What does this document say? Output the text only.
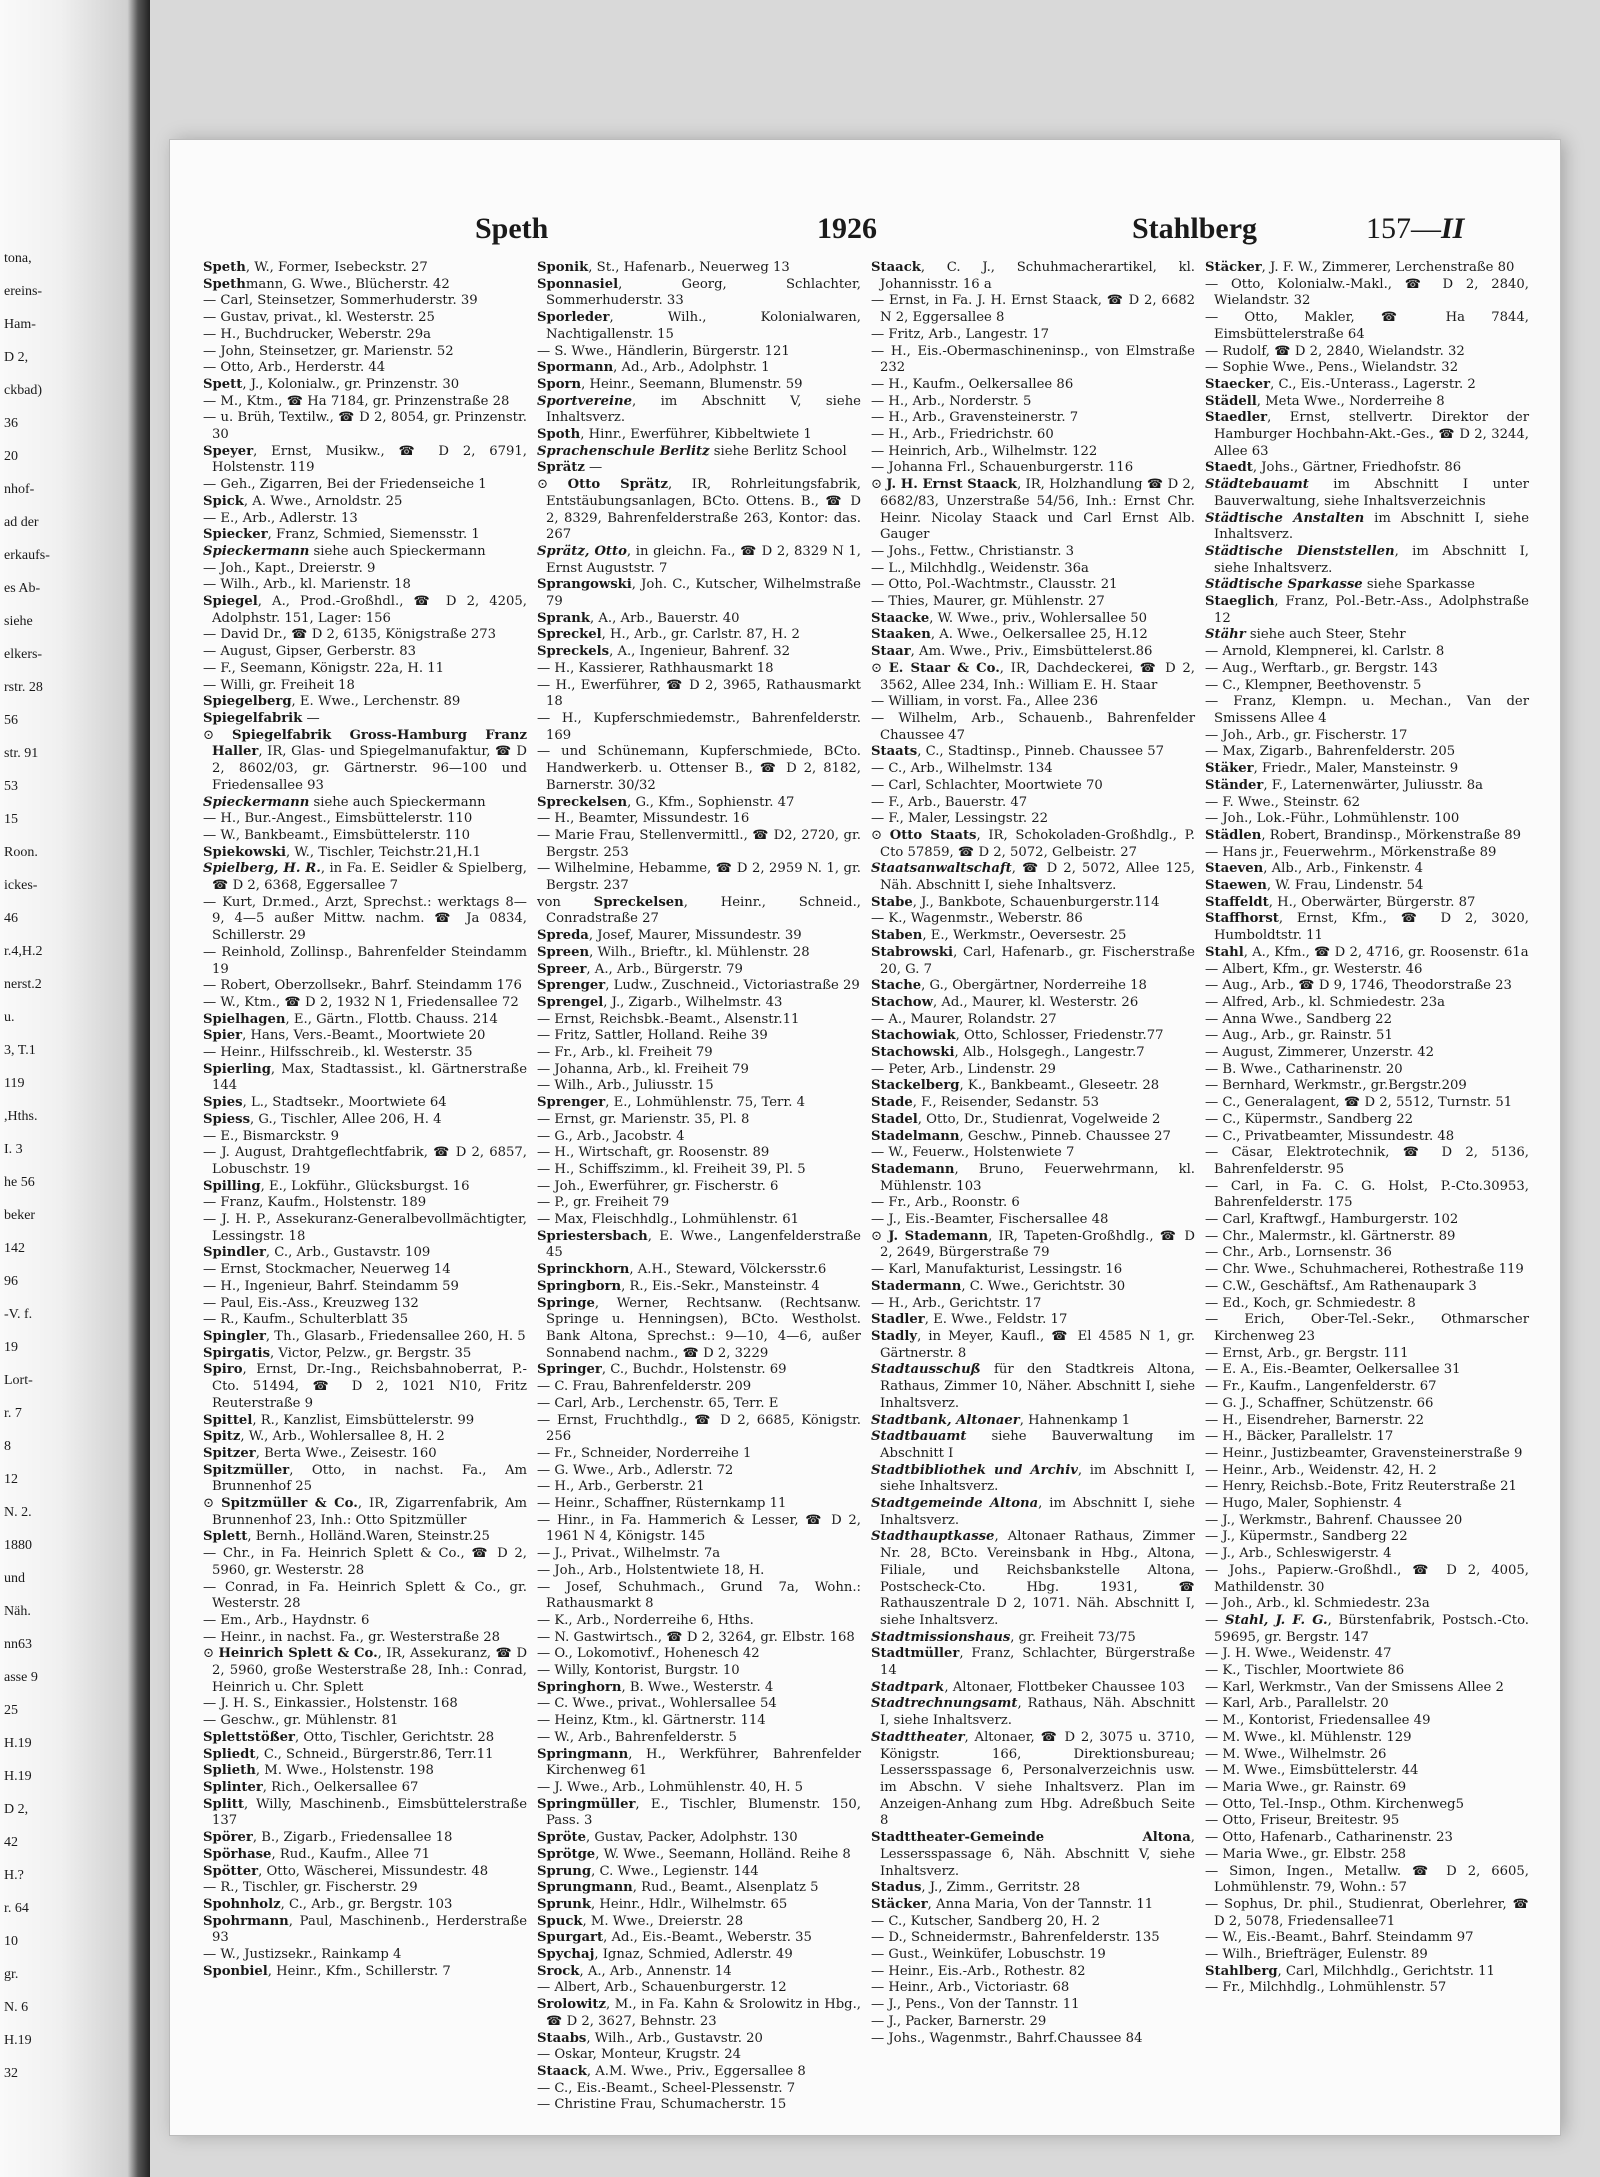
tona,
ereins-
Ham-
D 2,
ckbad)
36
20
nhof-
ad der
erkaufs-
es Ab-
siehe
elkers-
rstr. 28
56
str. 91
53
15
Roon.
ickes-
46
r.4,H.2
nerst.2
u.
3, T.1
119
,Hths.
I. 3
he 56
beker
142
96
-V. f.
19
Lort-
r. 7
8
12
N. 2.
1880
und
Näh.
nn63
asse 9
25
H.19
H.19
D 2,
42
H.?
r. 64
10
gr.
N. 6
H.19
32
Speth	1926	Stahlberg	157—II

Speth, W., Former, Isebeckstr. 27

Spethmann, G. Wwe., Blücherstr. 42

— Carl, Steinsetzer, Sommerhuderstr. 39

— Gustav, privat., kl. Westerstr. 25

— H., Buchdrucker, Weberstr. 29a

— John, Steinsetzer, gr. Marienstr. 52

— Otto, Arb., Herderstr. 44

Spett, J., Kolonialw., gr. Prinzenstr. 30

— M., Ktm., ☎ Ha 7184, gr. Prinzenstraße 28

— u. Brüh, Textilw., ☎ D 2, 8054, gr. Prinzenstr. 30

Speyer, Ernst, Musikw., ☎ D 2, 6791, Holstenstr. 119

— Geh., Zigarren, Bei der Friedenseiche 1

Spick, A. Wwe., Arnoldstr. 25

— E., Arb., Adlerstr. 13

Spiecker, Franz, Schmied, Siemensstr. 1

Spieckermann siehe auch Spieckermann

— Joh., Kapt., Dreierstr. 9

— Wilh., Arb., kl. Marienstr. 18

Spiegel, A., Prod.-Großhdl., ☎ D 2, 4205, Adolphstr. 151, Lager: 156

— David Dr., ☎ D 2, 6135, Königstraße 273

— August, Gipser, Gerberstr. 83

— F., Seemann, Königstr. 22a, H. 11

— Willi, gr. Freiheit 18

Spiegelberg, E. Wwe., Lerchenstr. 89

Spiegelfabrik —

⊙ Spiegelfabrik Gross-Hamburg Franz Haller, IR, Glas- und Spiegelmanufaktur, ☎ D 2, 8602/03, gr. Gärtnerstr. 96—100 und Friedensallee 93

Spieckermann siehe auch Spieckermann

— H., Bur.-Angest., Eimsbüttelerstr. 110

— W., Bankbeamt., Eimsbüttelerstr. 110

Spiekowski, W., Tischler, Teichstr.21,H.1

Spielberg, H. R., in Fa. E. Seidler & Spielberg, ☎ D 2, 6368, Eggersallee 7

— Kurt, Dr.med., Arzt, Sprechst.: werktags 8—9, 4—5 außer Mittw. nachm. ☎ Ja 0834, Schillerstr. 29

— Reinhold, Zollinsp., Bahrenfelder Steindamm 19

— Robert, Oberzollsekr., Bahrf. Steindamm 176

— W., Ktm., ☎ D 2, 1932 N 1, Friedensallee 72

Spielhagen, E., Gärtn., Flottb. Chauss. 214

Spier, Hans, Vers.-Beamt., Moortwiete 20

— Heinr., Hilfsschreib., kl. Westerstr. 35

Spierling, Max, Stadtassist., kl. Gärtnerstraße 144

Spies, L., Stadtsekr., Moortwiete 64

Spiess, G., Tischler, Allee 206, H. 4

— E., Bismarckstr. 9

— J. August, Drahtgeflechtfabrik, ☎ D 2, 6857, Lobuschstr. 19

Spilling, E., Lokführ., Glücksburgst. 16

— Franz, Kaufm., Holstenstr. 189

— J. H. P., Assekuranz-Generalbevollmächtigter, Lessingstr. 18

Spindler, C., Arb., Gustavstr. 109

— Ernst, Stockmacher, Neuerweg 14

— H., Ingenieur, Bahrf. Steindamm 59

— Paul, Eis.-Ass., Kreuzweg 132

— R., Kaufm., Schulterblatt 35

Spingler, Th., Glasarb., Friedensallee 260, H. 5

Spirgatis, Victor, Pelzw., gr. Bergstr. 35

Spiro, Ernst, Dr.-Ing., Reichsbahnoberrat, P.-Cto. 51494, ☎ D 2, 1021 N10, Fritz Reuterstraße 9

Spittel, R., Kanzlist, Eimsbüttelerstr. 99

Spitz, W., Arb., Wohlersallee 8, H. 2

Spitzer, Berta Wwe., Zeisestr. 160

Spitzmüller, Otto, in nachst. Fa., Am Brunnenhof 25

⊙ Spitzmüller & Co., IR, Zigarrenfabrik, Am Brunnenhof 23, Inh.: Otto Spitzmüller

Splett, Bernh., Holländ.Waren, Steinstr.25

— Chr., in Fa. Heinrich Splett & Co., ☎ D 2, 5960, gr. Westerstr. 28

— Conrad, in Fa. Heinrich Splett & Co., gr. Westerstr. 28

— Em., Arb., Haydnstr. 6

— Heinr., in nachst. Fa., gr. Westerstraße 28

⊙ Heinrich Splett & Co., IR, Assekuranz, ☎ D 2, 5960, große Westerstraße 28, Inh.: Conrad, Heinrich u. Chr. Splett

— J. H. S., Einkassier., Holstenstr. 168

— Geschw., gr. Mühlenstr. 81

Splettstößer, Otto, Tischler, Gerichtstr. 28

Spliedt, C., Schneid., Bürgerstr.86, Terr.11

Splieth, M. Wwe., Holstenstr. 198

Splinter, Rich., Oelkersallee 67

Splitt, Willy, Maschinenb., Eimsbüttelerstraße 137

Spörer, B., Zigarb., Friedensallee 18

Spörhase, Rud., Kaufm., Allee 71

Spötter, Otto, Wäscherei, Missundestr. 48

— R., Tischler, gr. Fischerstr. 29

Spohnholz, C., Arb., gr. Bergstr. 103

Spohrmann, Paul, Maschinenb., Herderstraße 93

— W., Justizsekr., Rainkamp 4

Sponbiel, Heinr., Kfm., Schillerstr. 7

Sponik, St., Hafenarb., Neuerweg 13

Sponnasiel, Georg, Schlachter, Sommerhuderstr. 33

Sporleder, Wilh., Kolonialwaren, Nachtigallenstr. 15

— S. Wwe., Händlerin, Bürgerstr. 121

Spormann, Ad., Arb., Adolphstr. 1

Sporn, Heinr., Seemann, Blumenstr. 59

Sportvereine, im Abschnitt V, siehe Inhaltsverz.

Spoth, Hinr., Ewerführer, Kibbeltwiete 1

Sprachenschule Berlitz siehe Berlitz School

Sprätz —

⊙ Otto Sprätz, IR, Rohrleitungsfabrik, Entstäubungsanlagen, BCto. Ottens. B., ☎ D 2, 8329, Bahrenfelderstraße 263, Kontor: das. 267

Sprätz, Otto, in gleichn. Fa., ☎ D 2, 8329 N 1, Ernst Auguststr. 7

Sprangowski, Joh. C., Kutscher, Wilhelmstraße 79

Sprank, A., Arb., Bauerstr. 40

Spreckel, H., Arb., gr. Carlstr. 87, H. 2

Spreckels, A., Ingenieur, Bahrenf. 32

— H., Kassierer, Rathhausmarkt 18

— H., Ewerführer, ☎ D 2, 3965, Rathausmarkt 18

— H., Kupferschmiedemstr., Bahrenfelderstr. 169

— und Schünemann, Kupferschmiede, BCto. Handwerkerb. u. Ottenser B., ☎ D 2, 8182, Barnerstr. 30/32

Spreckelsen, G., Kfm., Sophienstr. 47

— H., Beamter, Missundestr. 16

— Marie Frau, Stellenvermittl., ☎ D2, 2720, gr. Bergstr. 253

— Wilhelmine, Hebamme, ☎ D 2, 2959 N. 1, gr. Bergstr. 237

von Spreckelsen, Heinr., Schneid., Conradstraße 27

Spreda, Josef, Maurer, Missundestr. 39

Spreen, Wilh., Brieftr., kl. Mühlenstr. 28

Spreer, A., Arb., Bürgerstr. 79

Sprenger, Ludw., Zuschneid., Victoriastraße 29

Sprengel, J., Zigarb., Wilhelmstr. 43

— Ernst, Reichsbk.-Beamt., Alsenstr.11

— Fritz, Sattler, Holland. Reihe 39

— Fr., Arb., kl. Freiheit 79

— Johanna, Arb., kl. Freiheit 79

— Wilh., Arb., Juliusstr. 15

Sprenger, E., Lohmühlenstr. 75, Terr. 4

— Ernst, gr. Marienstr. 35, Pl. 8

— G., Arb., Jacobstr. 4

— H., Wirtschaft, gr. Roosenstr. 89

— H., Schiffszimm., kl. Freiheit 39, Pl. 5

— Joh., Ewerführer, gr. Fischerstr. 6

— P., gr. Freiheit 79

— Max, Fleischhdlg., Lohmühlenstr. 61

Spriestersbach, E. Wwe., Langenfelderstraße 45

Sprinckhorn, A.H., Steward, Völckersstr.6

Springborn, R., Eis.-Sekr., Mansteinstr. 4

Springe, Werner, Rechtsanw. (Rechtsanw. Springe u. Henningsen), BCto. Westholst. Bank Altona, Sprechst.: 9—10, 4—6, außer Sonnabend nachm., ☎ D 2, 3229

Springer, C., Buchdr., Holstenstr. 69

— C. Frau, Bahrenfelderstr. 209

— Carl, Arb., Lerchenstr. 65, Terr. E

— Ernst, Fruchthdlg., ☎ D 2, 6685, Königstr. 256

— Fr., Schneider, Norderreihe 1

— G. Wwe., Arb., Adlerstr. 72

— H., Arb., Gerberstr. 21

— Heinr., Schaffner, Rüsternkamp 11

— Hinr., in Fa. Hammerich & Lesser, ☎ D 2, 1961 N 4, Königstr. 145

— J., Privat., Wilhelmstr. 7a

— Joh., Arb., Holstentwiete 18, H.

— Josef, Schuhmach., Grund 7a, Wohn.: Rathausmarkt 8

— K., Arb., Norderreihe 6, Hths.

— N. Gastwirtsch., ☎ D 2, 3264, gr. Elbstr. 168

— O., Lokomotivf., Hohenesch 42

— Willy, Kontorist, Burgstr. 10

Springhorn, B. Wwe., Westerstr. 4

— C. Wwe., privat., Wohlersallee 54

— Heinz, Ktm., kl. Gärtnerstr. 114

— W., Arb., Bahrenfelderstr. 5

Springmann, H., Werkführer, Bahrenfelder Kirchenweg 61

— J. Wwe., Arb., Lohmühlenstr. 40, H. 5

Springmüller, E., Tischler, Blumenstr. 150, Pass. 3

Spröte, Gustav, Packer, Adolphstr. 130

Sprötge, W. Wwe., Seemann, Holländ. Reihe 8

Sprung, C. Wwe., Legienstr. 144

Sprungmann, Rud., Beamt., Alsenplatz 5

Sprunk, Heinr., Hdlr., Wilhelmstr. 65

Spuck, M. Wwe., Dreierstr. 28

Spurgart, Ad., Eis.-Beamt., Weberstr. 35

Spychaj, Ignaz, Schmied, Adlerstr. 49

Srock, A., Arb., Annenstr. 14

— Albert, Arb., Schauenburgerstr. 12

Srolowitz, M., in Fa. Kahn & Srolowitz in Hbg., ☎ D 2, 3627, Behnstr. 23

Staabs, Wilh., Arb., Gustavstr. 20

— Oskar, Monteur, Krugstr. 24

Staack, A.M. Wwe., Priv., Eggersallee 8

— C., Eis.-Beamt., Scheel-Plessenstr. 7

— Christine Frau, Schumacherstr. 15

Staack, C. J., Schuhmacherartikel, kl. Johannisstr. 16 a

— Ernst, in Fa. J. H. Ernst Staack, ☎ D 2, 6682 N 2, Eggersallee 8

— Fritz, Arb., Langestr. 17

— H., Eis.-Obermaschineninsp., von Elmstraße 232

— H., Kaufm., Oelkersallee 86

— H., Arb., Norderstr. 5

— H., Arb., Gravensteinerstr. 7

— H., Arb., Friedrichstr. 60

— Heinrich, Arb., Wilhelmstr. 122

— Johanna Frl., Schauenburgerstr. 116

⊙ J. H. Ernst Staack, IR, Holzhandlung ☎ D 2, 6682/83, Unzerstraße 54/56, Inh.: Ernst Chr. Heinr. Nicolay Staack und Carl Ernst Alb. Gauger

— Johs., Fettw., Christianstr. 3

— L., Milchhdlg., Weidenstr. 36a

— Otto, Pol.-Wachtmstr., Clausstr. 21

— Thies, Maurer, gr. Mühlenstr. 27

Staacke, W. Wwe., priv., Wohlersallee 50

Staaken, A. Wwe., Oelkersallee 25, H.12

Staar, Am. Wwe., Priv., Eimsbüttelerst.86

⊙ E. Staar & Co., IR, Dachdeckerei, ☎ D 2, 3562, Allee 234, Inh.: William E. H. Staar

— William, in vorst. Fa., Allee 236

— Wilhelm, Arb., Schauenb., Bahrenfelder Chaussee 47

Staats, C., Stadtinsp., Pinneb. Chaussee 57

— C., Arb., Wilhelmstr. 134

— Carl, Schlachter, Moortwiete 70

— F., Arb., Bauerstr. 47

— F., Maler, Lessingstr. 22

⊙ Otto Staats, IR, Schokoladen-Großhdlg., P. Cto 57859, ☎ D 2, 5072, Gelbeistr. 27

Staatsanwaltschaft, ☎ D 2, 5072, Allee 125, Näh. Abschnitt I, siehe Inhaltsverz.

Stabe, J., Bankbote, Schauenburgerstr.114

— K., Wagenmstr., Weberstr. 86

Staben, E., Werkmstr., Oeversestr. 25

Stabrowski, Carl, Hafenarb., gr. Fischerstraße 20, G. 7

Stache, G., Obergärtner, Norderreihe 18

Stachow, Ad., Maurer, kl. Westerstr. 26

— A., Maurer, Rolandstr. 27

Stachowiak, Otto, Schlosser, Friedenstr.77

Stachowski, Alb., Holsgegh., Langestr.7

— Peter, Arb., Lindenstr. 29

Stackelberg, K., Bankbeamt., Gleseetr. 28

Stade, F., Reisender, Sedanstr. 53

Stadel, Otto, Dr., Studienrat, Vogelweide 2

Stadelmann, Geschw., Pinneb. Chaussee 27

— W., Feuerw., Holstenwiete 7

Stademann, Bruno, Feuerwehrmann, kl. Mühlenstr. 103

— Fr., Arb., Roonstr. 6

— J., Eis.-Beamter, Fischersallee 48

⊙ J. Stademann, IR, Tapeten-Großhdlg., ☎ D 2, 2649, Bürgerstraße 79

— Karl, Manufakturist, Lessingstr. 16

Stadermann, C. Wwe., Gerichtstr. 30

— H., Arb., Gerichtstr. 17

Stadler, E. Wwe., Feldstr. 17

Stadly, in Meyer, Kaufl., ☎ El 4585 N 1, gr. Gärtnerstr. 8

Stadtausschuß für den Stadtkreis Altona, Rathaus, Zimmer 10, Näher. Abschnitt I, siehe Inhaltsverz.

Stadtbank, Altonaer, Hahnenkamp 1

Stadtbauamt siehe Bauverwaltung im Abschnitt I

Stadtbibliothek und Archiv, im Abschnitt I, siehe Inhaltsverz.

Stadtgemeinde Altona, im Abschnitt I, siehe Inhaltsverz.

Stadthauptkasse, Altonaer Rathaus, Zimmer Nr. 28, BCto. Vereinsbank in Hbg., Altona, Filiale, und Reichsbankstelle Altona, Postscheck-Cto. Hbg. 1931, ☎ Rathauszentrale D 2, 1071. Näh. Abschnitt I, siehe Inhaltsverz.

Stadtmissionshaus, gr. Freiheit 73/75

Stadtmüller, Franz, Schlachter, Bürgerstraße 14

Stadtpark, Altonaer, Flottbeker Chaussee 103

Stadtrechnungsamt, Rathaus, Näh. Abschnitt I, siehe Inhaltsverz.

Stadttheater, Altonaer, ☎ D 2, 3075 u. 3710, Königstr. 166, Direktionsbureau; Lessersspassage 6, Personalverzeichnis usw. im Abschn. V siehe Inhaltsverz. Plan im Anzeigen-Anhang zum Hbg. Adreßbuch Seite 8

Stadttheater-Gemeinde Altona, Lessersspassage 6, Näh. Abschnitt V, siehe Inhaltsverz.

Stadus, J., Zimm., Gerritstr. 28

Stäcker, Anna Maria, Von der Tannstr. 11

— C., Kutscher, Sandberg 20, H. 2

— D., Schneidermstr., Bahrenfelderstr. 135

— Gust., Weinküfer, Lobuschstr. 19

— Heinr., Eis.-Arb., Rothestr. 82

— Heinr., Arb., Victoriastr. 68

— J., Pens., Von der Tannstr. 11

— J., Packer, Barnerstr. 29

— Johs., Wagenmstr., Bahrf.Chaussee 84

Stäcker, J. F. W., Zimmerer, Lerchenstraße 80

— Otto, Kolonialw.-Makl., ☎ D 2, 2840, Wielandstr. 32

— Otto, Makler, ☎ Ha 7844, Eimsbüttelerstraße 64

— Rudolf, ☎ D 2, 2840, Wielandstr. 32

— Sophie Wwe., Pens., Wielandstr. 32

Staecker, C., Eis.-Unterass., Lagerstr. 2

Städell, Meta Wwe., Norderreihe 8

Staedler, Ernst, stellvertr. Direktor der Hamburger Hochbahn-Akt.-Ges., ☎ D 2, 3244, Allee 63

Staedt, Johs., Gärtner, Friedhofstr. 86

Städtebauamt im Abschnitt I unter Bauverwaltung, siehe Inhaltsverzeichnis

Städtische Anstalten im Abschnitt I, siehe Inhaltsverz.

Städtische Dienststellen, im Abschnitt I, siehe Inhaltsverz.

Städtische Sparkasse siehe Sparkasse

Staeglich, Franz, Pol.-Betr.-Ass., Adolphstraße 12

Stähr siehe auch Steer, Stehr

— Arnold, Klempnerei, kl. Carlstr. 8

— Aug., Werftarb., gr. Bergstr. 143

— C., Klempner, Beethovenstr. 5

— Franz, Klempn. u. Mechan., Van der Smissens Allee 4

— Joh., Arb., gr. Fischerstr. 17

— Max, Zigarb., Bahrenfelderstr. 205

Stäker, Friedr., Maler, Mansteinstr. 9

Ständer, F., Laternenwärter, Juliusstr. 8a

— F. Wwe., Steinstr. 62

— Joh., Lok.-Führ., Lohmühlenstr. 100

Städlen, Robert, Brandinsp., Mörkenstraße 89

— Hans jr., Feuerwehrm., Mörkenstraße 89

Staeven, Alb., Arb., Finkenstr. 4

Staewen, W. Frau, Lindenstr. 54

Staffeldt, H., Oberwärter, Bürgerstr. 87

Staffhorst, Ernst, Kfm., ☎ D 2, 3020, Humboldtstr. 11

Stahl, A., Kfm., ☎ D 2, 4716, gr. Roosenstr. 61a

— Albert, Kfm., gr. Westerstr. 46

— Aug., Arb., ☎ D 9, 1746, Theodorstraße 23

— Alfred, Arb., kl. Schmiedestr. 23a

— Anna Wwe., Sandberg 22

— Aug., Arb., gr. Rainstr. 51

— August, Zimmerer, Unzerstr. 42

— B. Wwe., Catharinenstr. 20

— Bernhard, Werkmstr., gr.Bergstr.209

— C., Generalagent, ☎ D 2, 5512, Turnstr. 51

— C., Küpermstr., Sandberg 22

— C., Privatbeamter, Missundestr. 48

— Cäsar, Elektrotechnik, ☎ D 2, 5136, Bahrenfelderstr. 95

— Carl, in Fa. C. G. Holst, P.-Cto.30953, Bahrenfelderstr. 175

— Carl, Kraftwgf., Hamburgerstr. 102

— Chr., Malermstr., kl. Gärtnerstr. 89

— Chr., Arb., Lornsenstr. 36

— Chr. Wwe., Schuhmacherei, Rothestraße 119

— C.W., Geschäftsf., Am Rathenaupark 3

— Ed., Koch, gr. Schmiedestr. 8

— Erich, Ober-Tel.-Sekr., Othmarscher Kirchenweg 23

— Ernst, Arb., gr. Bergstr. 111

— E. A., Eis.-Beamter, Oelkersallee 31

— Fr., Kaufm., Langenfelderstr. 67

— G. J., Schaffner, Schützenstr. 66

— H., Eisendreher, Barnerstr. 22

— H., Bäcker, Parallelstr. 17

— Heinr., Justizbeamter, Gravensteinerstraße 9

— Heinr., Arb., Weidenstr. 42, H. 2

— Henry, Reichsb.-Bote, Fritz Reuterstraße 21

— Hugo, Maler, Sophienstr. 4

— J., Werkmstr., Bahrenf. Chaussee 20

— J., Küpermstr., Sandberg 22

— J., Arb., Schleswigerstr. 4

— Johs., Papierw.-Großhdl., ☎ D 2, 4005, Mathildenstr. 30

— Joh., Arb., kl. Schmiedestr. 23a

— Stahl, J. F. G., Bürstenfabrik, Postsch.-Cto. 59695, gr. Bergstr. 147

— J. H. Wwe., Weidenstr. 47

— K., Tischler, Moortwiete 86

— Karl, Werkmstr., Van der Smissens Allee 2

— Karl, Arb., Parallelstr. 20

— M., Kontorist, Friedensallee 49

— M. Wwe., kl. Mühlenstr. 129

— M. Wwe., Wilhelmstr. 26

— M. Wwe., Eimsbüttelerstr. 44

— Maria Wwe., gr. Rainstr. 69

— Otto, Tel.-Insp., Othm. Kirchenweg5

— Otto, Friseur, Breitestr. 95

— Otto, Hafenarb., Catharinenstr. 23

— Maria Wwe., gr. Elbstr. 258

— Simon, Ingen., Metallw. ☎ D 2, 6605, Lohmühlenstr. 79, Wohn.: 57

— Sophus, Dr. phil., Studienrat, Oberlehrer, ☎ D 2, 5078, Friedensallee71

— W., Eis.-Beamt., Bahrf. Steindamm 97

— Wilh., Briefträger, Eulenstr. 89

Stahlberg, Carl, Milchhdlg., Gerichtstr. 11

— Fr., Milchhdlg., Lohmühlenstr. 57
